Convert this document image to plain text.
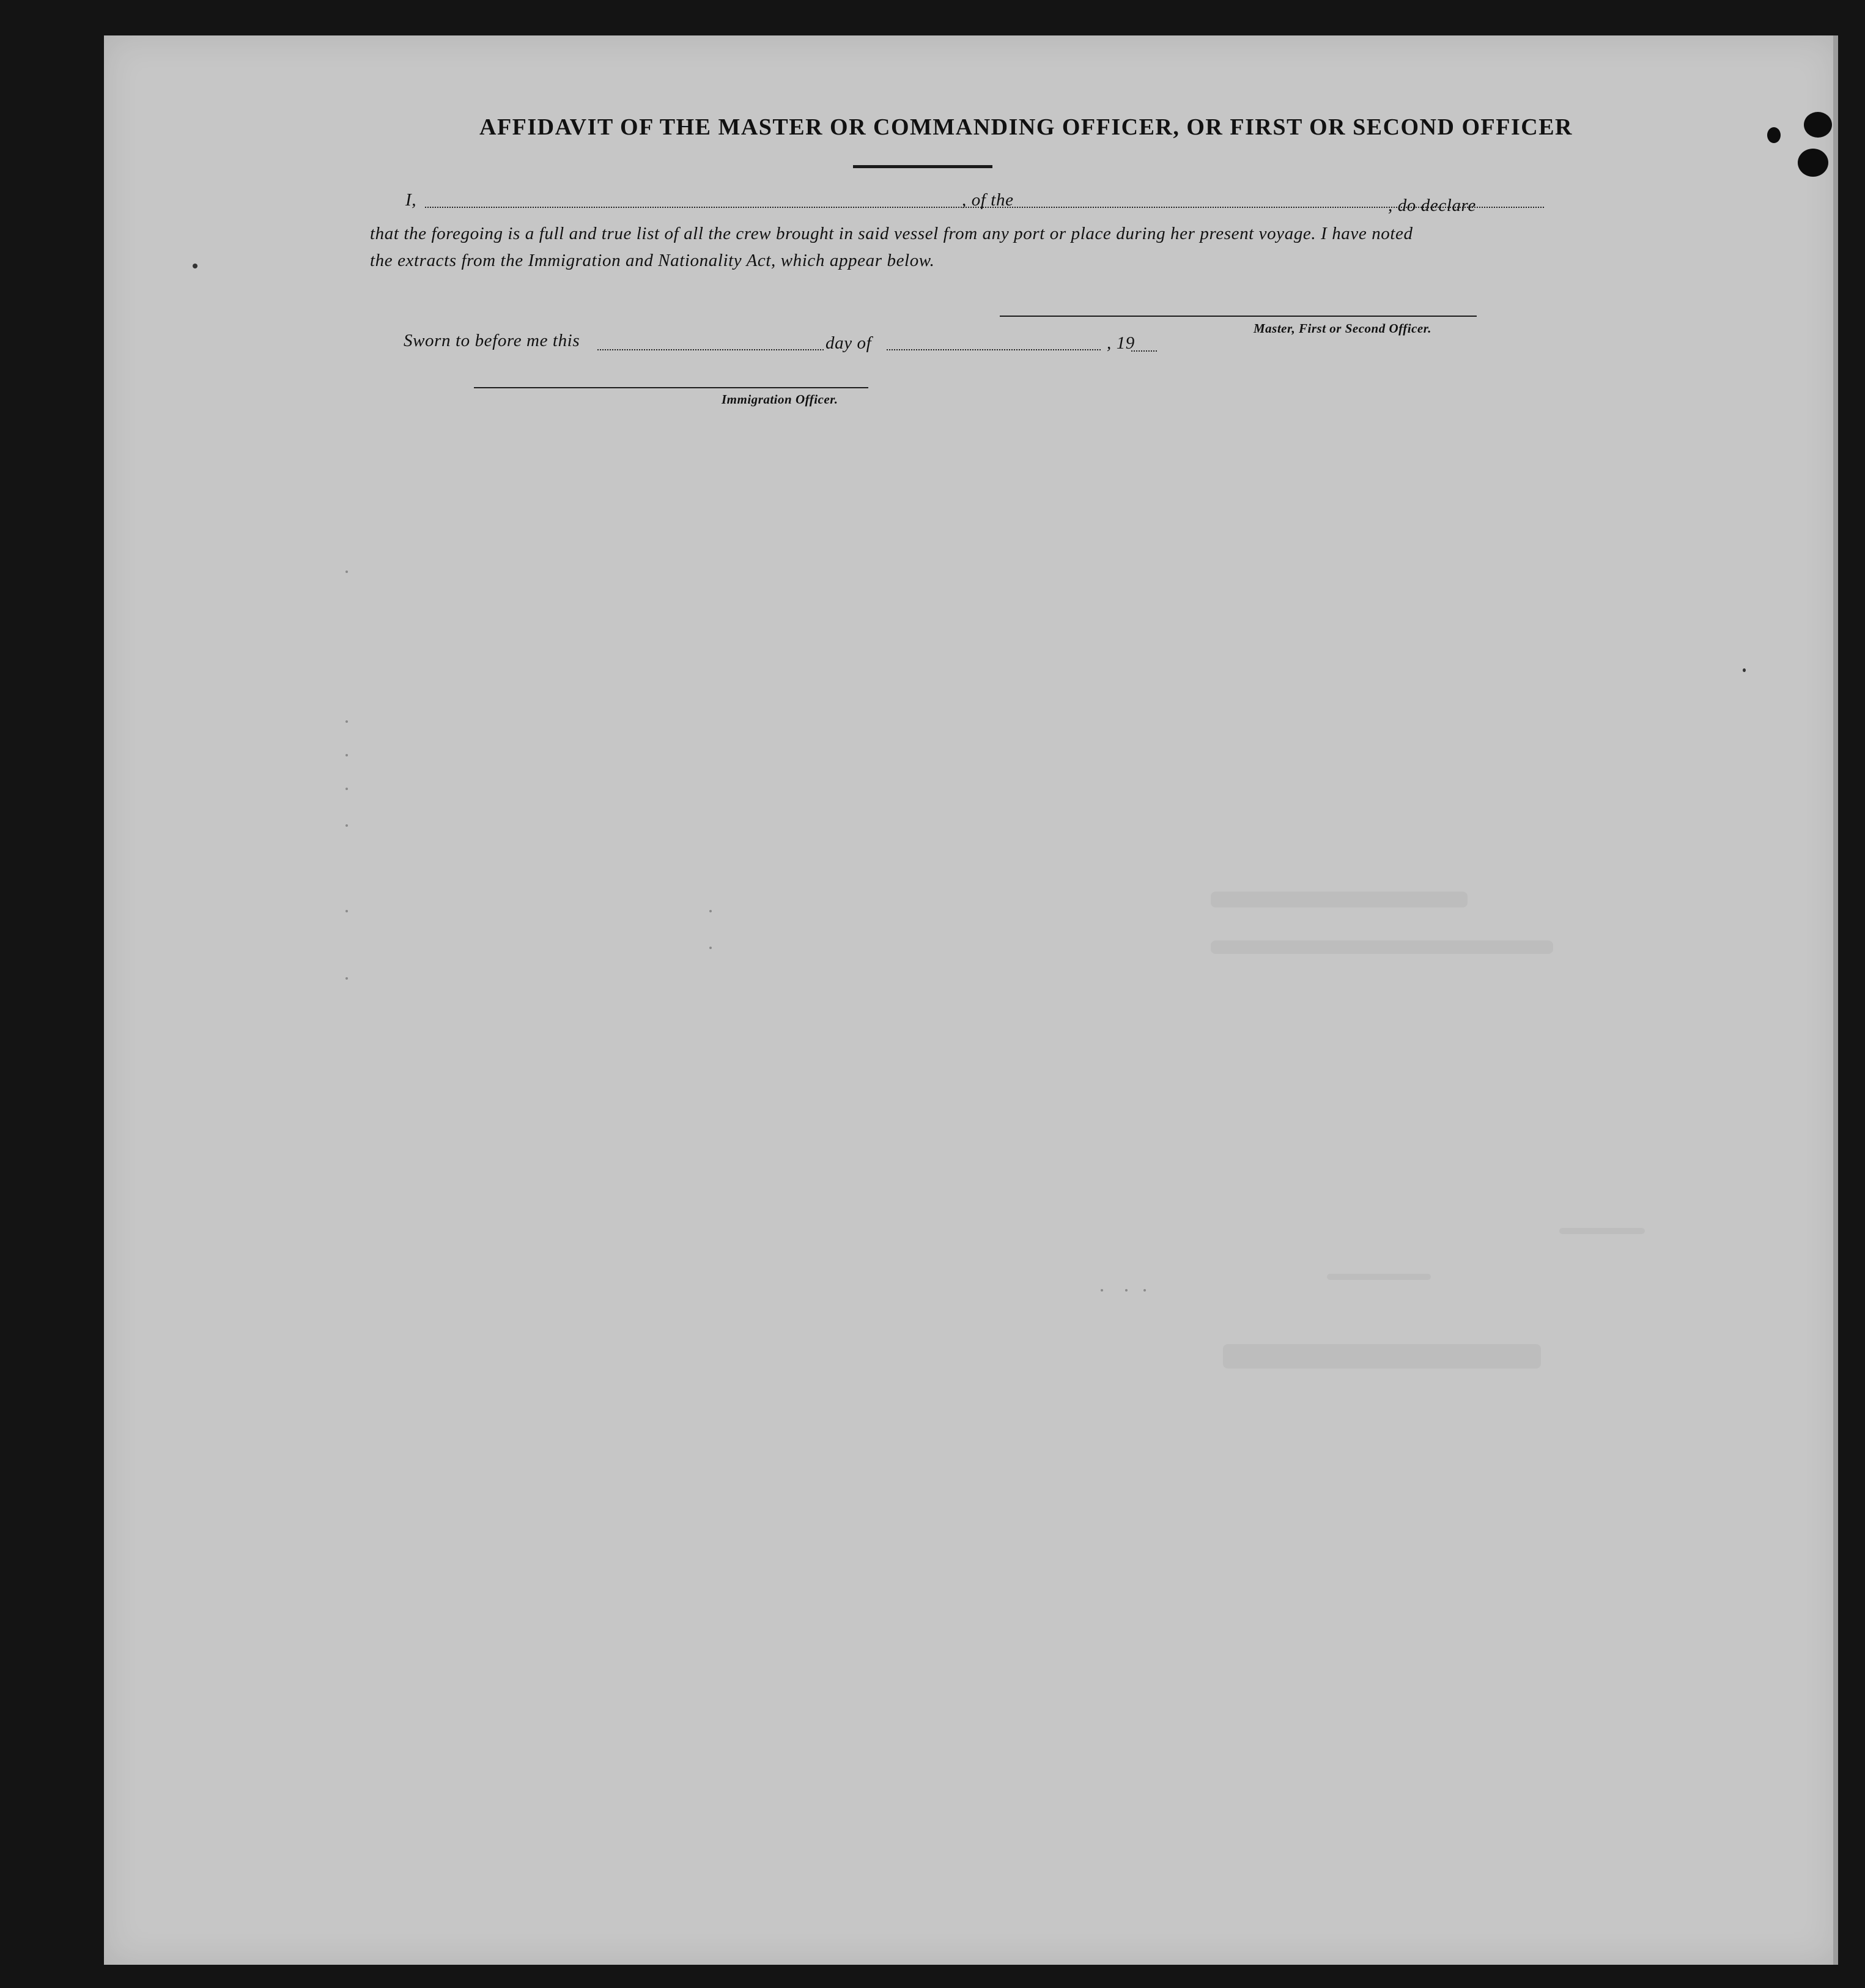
AFFIDAVIT OF THE MASTER OR COMMANDING OFFICER, OR FIRST OR SECOND OFFICER
I,	, of the	, do declare
that the foregoing is a full and true list of all the crew brought in said vessel from any port or place during her present voyage. I have noted
the extracts from the Immigration and Nationality Act, which appear below.
Master, First or Second Officer.
Sworn to before me this	day of	, 19
Immigration Officer.
